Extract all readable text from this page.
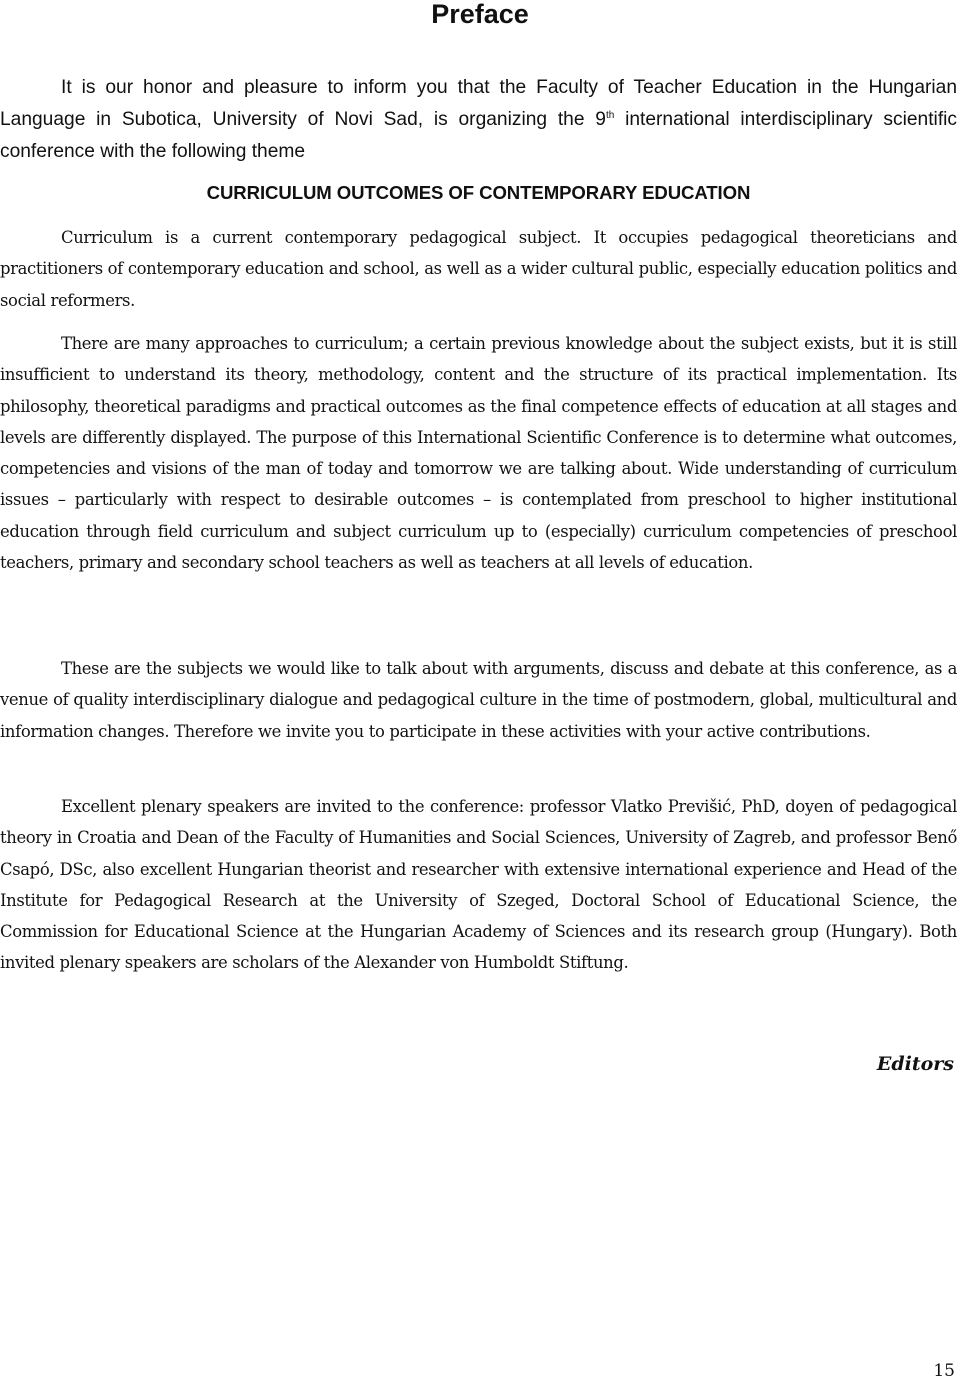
Preface

It is our honor and pleasure to inform you that the Faculty of Teacher Education in the Hungarian Language in Subotica, University of Novi Sad, is organizing the 9th international interdisciplinary scientific conference with the following theme

CURRICULUM OUTCOMES OF CONTEMPORARY EDUCATION

Curriculum is a current contemporary pedagogical subject. It occupies pedagogical theoreticians and practitioners of contemporary education and school, as well as a wider cultural public, especially education politics and social reformers.

There are many approaches to curriculum; a certain previous knowledge about the subject exists, but it is still insufficient to understand its theory, methodology, content and the structure of its practical implementation. Its philosophy, theoretical paradigms and practical outcomes as the final competence effects of education at all stages and levels are differently displayed. The purpose of this International Scientific Conference is to determine what outcomes, competencies and visions of the man of today and tomorrow we are talking about. Wide understanding of curriculum issues – particularly with respect to desirable outcomes – is contemplated from preschool to higher institutional education through field curriculum and subject curriculum up to (especially) curriculum competencies of preschool teachers, primary and secondary school teachers as well as teachers at all levels of education.

These are the subjects we would like to talk about with arguments, discuss and debate at this conference, as a venue of quality interdisciplinary dialogue and pedagogical culture in the time of postmodern, global, multicultural and information changes. Therefore we invite you to participate in these activities with your active contributions.

Excellent plenary speakers are invited to the conference: professor Vlatko Previšić, PhD, doyen of pedagogical theory in Croatia and Dean of the Faculty of Humanities and Social Sciences, University of Zagreb, and professor Benő Csapó, DSc, also excellent Hungarian theorist and researcher with extensive international experience and Head of the Institute for Pedagogical Research at the University of Szeged, Doctoral School of Educational Science, the Commission for Educational Science at the Hungarian Academy of Sciences and its research group (Hungary). Both invited plenary speakers are scholars of the Alexander von Humboldt Stiftung.

Editors

15
